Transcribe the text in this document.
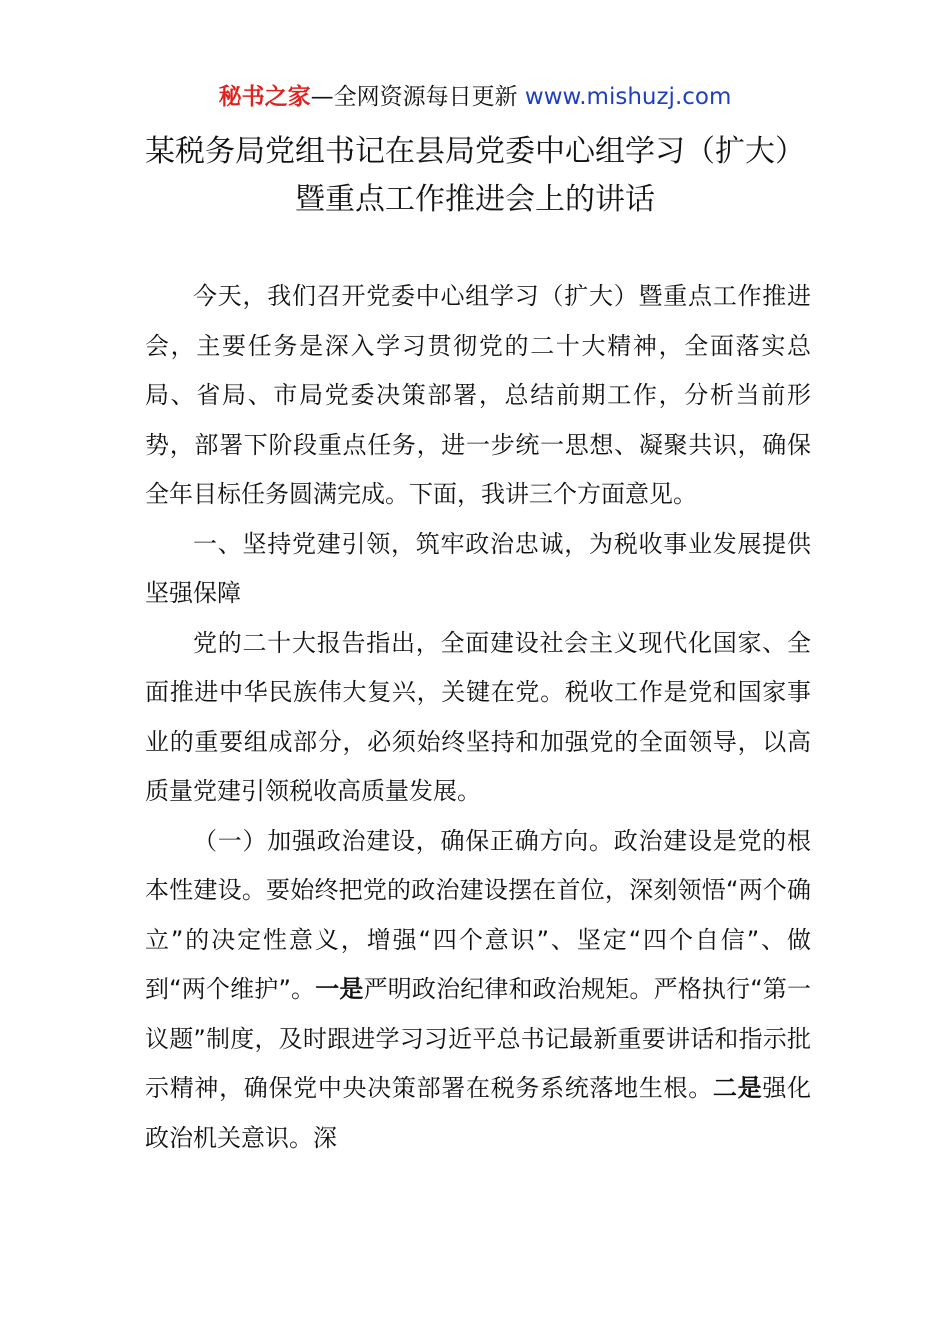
秘书之家—全网资源每日更新 www.mishuzj.com
某税务局党组书记在县局党委中心组学习（扩大）暨重点工作推进会上的讲话

今天，我们召开党委中心组学习（扩大）暨重点工作推进会，主要任务是深入学习贯彻党的二十大精神，全面落实总局、省局、市局党委决策部署，总结前期工作，分析当前形势，部署下阶段重点任务，进一步统一思想、凝聚共识，确保全年目标任务圆满完成。下面，我讲三个方面意见。

一、坚持党建引领，筑牢政治忠诚，为税收事业发展提供坚强保障

党的二十大报告指出，全面建设社会主义现代化国家、全面推进中华民族伟大复兴，关键在党。税收工作是党和国家事业的重要组成部分，必须始终坚持和加强党的全面领导，以高质量党建引领税收高质量发展。

（一）加强政治建设，确保正确方向。政治建设是党的根本性建设。要始终把党的政治建设摆在首位，深刻领悟“两个确立”的决定性意义，增强“四个意识”、坚定“四个自信”、做到“两个维护”。一是严明政治纪律和政治规矩。严格执行“第一议题”制度，及时跟进学习习近平总书记最新重要讲话和指示批示精神，确保党中央决策部署在税务系统落地生根。二是强化政治机关意识。深
